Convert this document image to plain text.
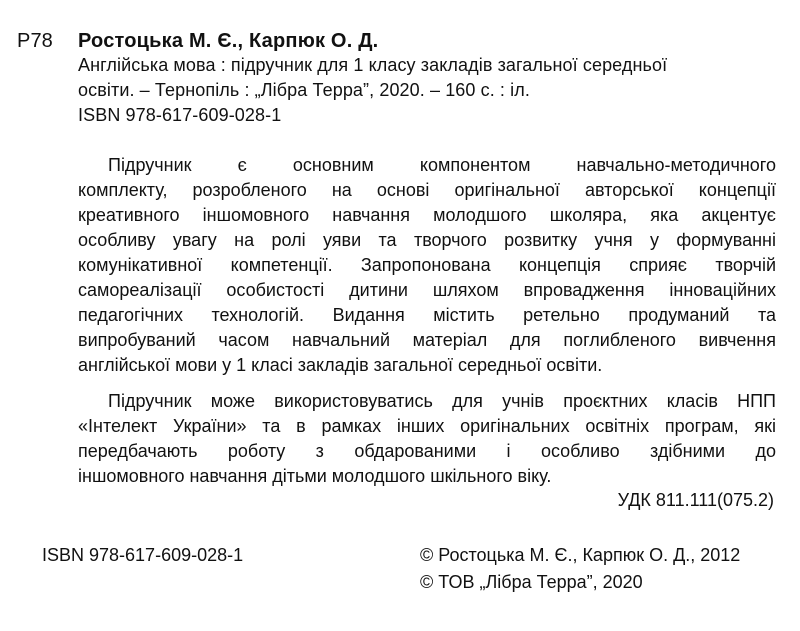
Р78 Ростоцька М. Є., Карпюк О. Д.
Англійська мова : підручник для 1 класу закладів загальної середньої
освіти. – Тернопіль : „Лібра Терра”, 2020. – 160 с. : іл.
ISBN 978-617-609-028-1
Підручник є основним компонентом навчально-методичного
комплекту, розробленого на основі оригінальної авторської концепції
креативного іншомовного навчання молодшого школяра, яка акцентує
особливу увагу на ролі уяви та творчого розвитку учня у формуванні
комунікативної компетенції. Запропонована концепція сприяє творчій
самореалізації особистості дитини шляхом впровадження інноваційних
педагогічних технологій. Видання містить ретельно продуманий та
випробуваний часом навчальний матеріал для поглибленого вивчення
англійської мови у 1 класі закладів загальної середньої освіти.
Підручник може використовуватись для учнів проєктних класів НПП
«Інтелект України» та в рамках інших оригінальних освітніх програм, які
передбачають роботу з обдарованими і особливо здібними до
іншомовного навчання дітьми молодшого шкільного віку.
УДК 811.111(075.2)
ISBN 978-617-609-028-1	© Ростоцька М. Є., Карпюк О. Д., 2012
© ТОВ „Лібра Терра”, 2020
